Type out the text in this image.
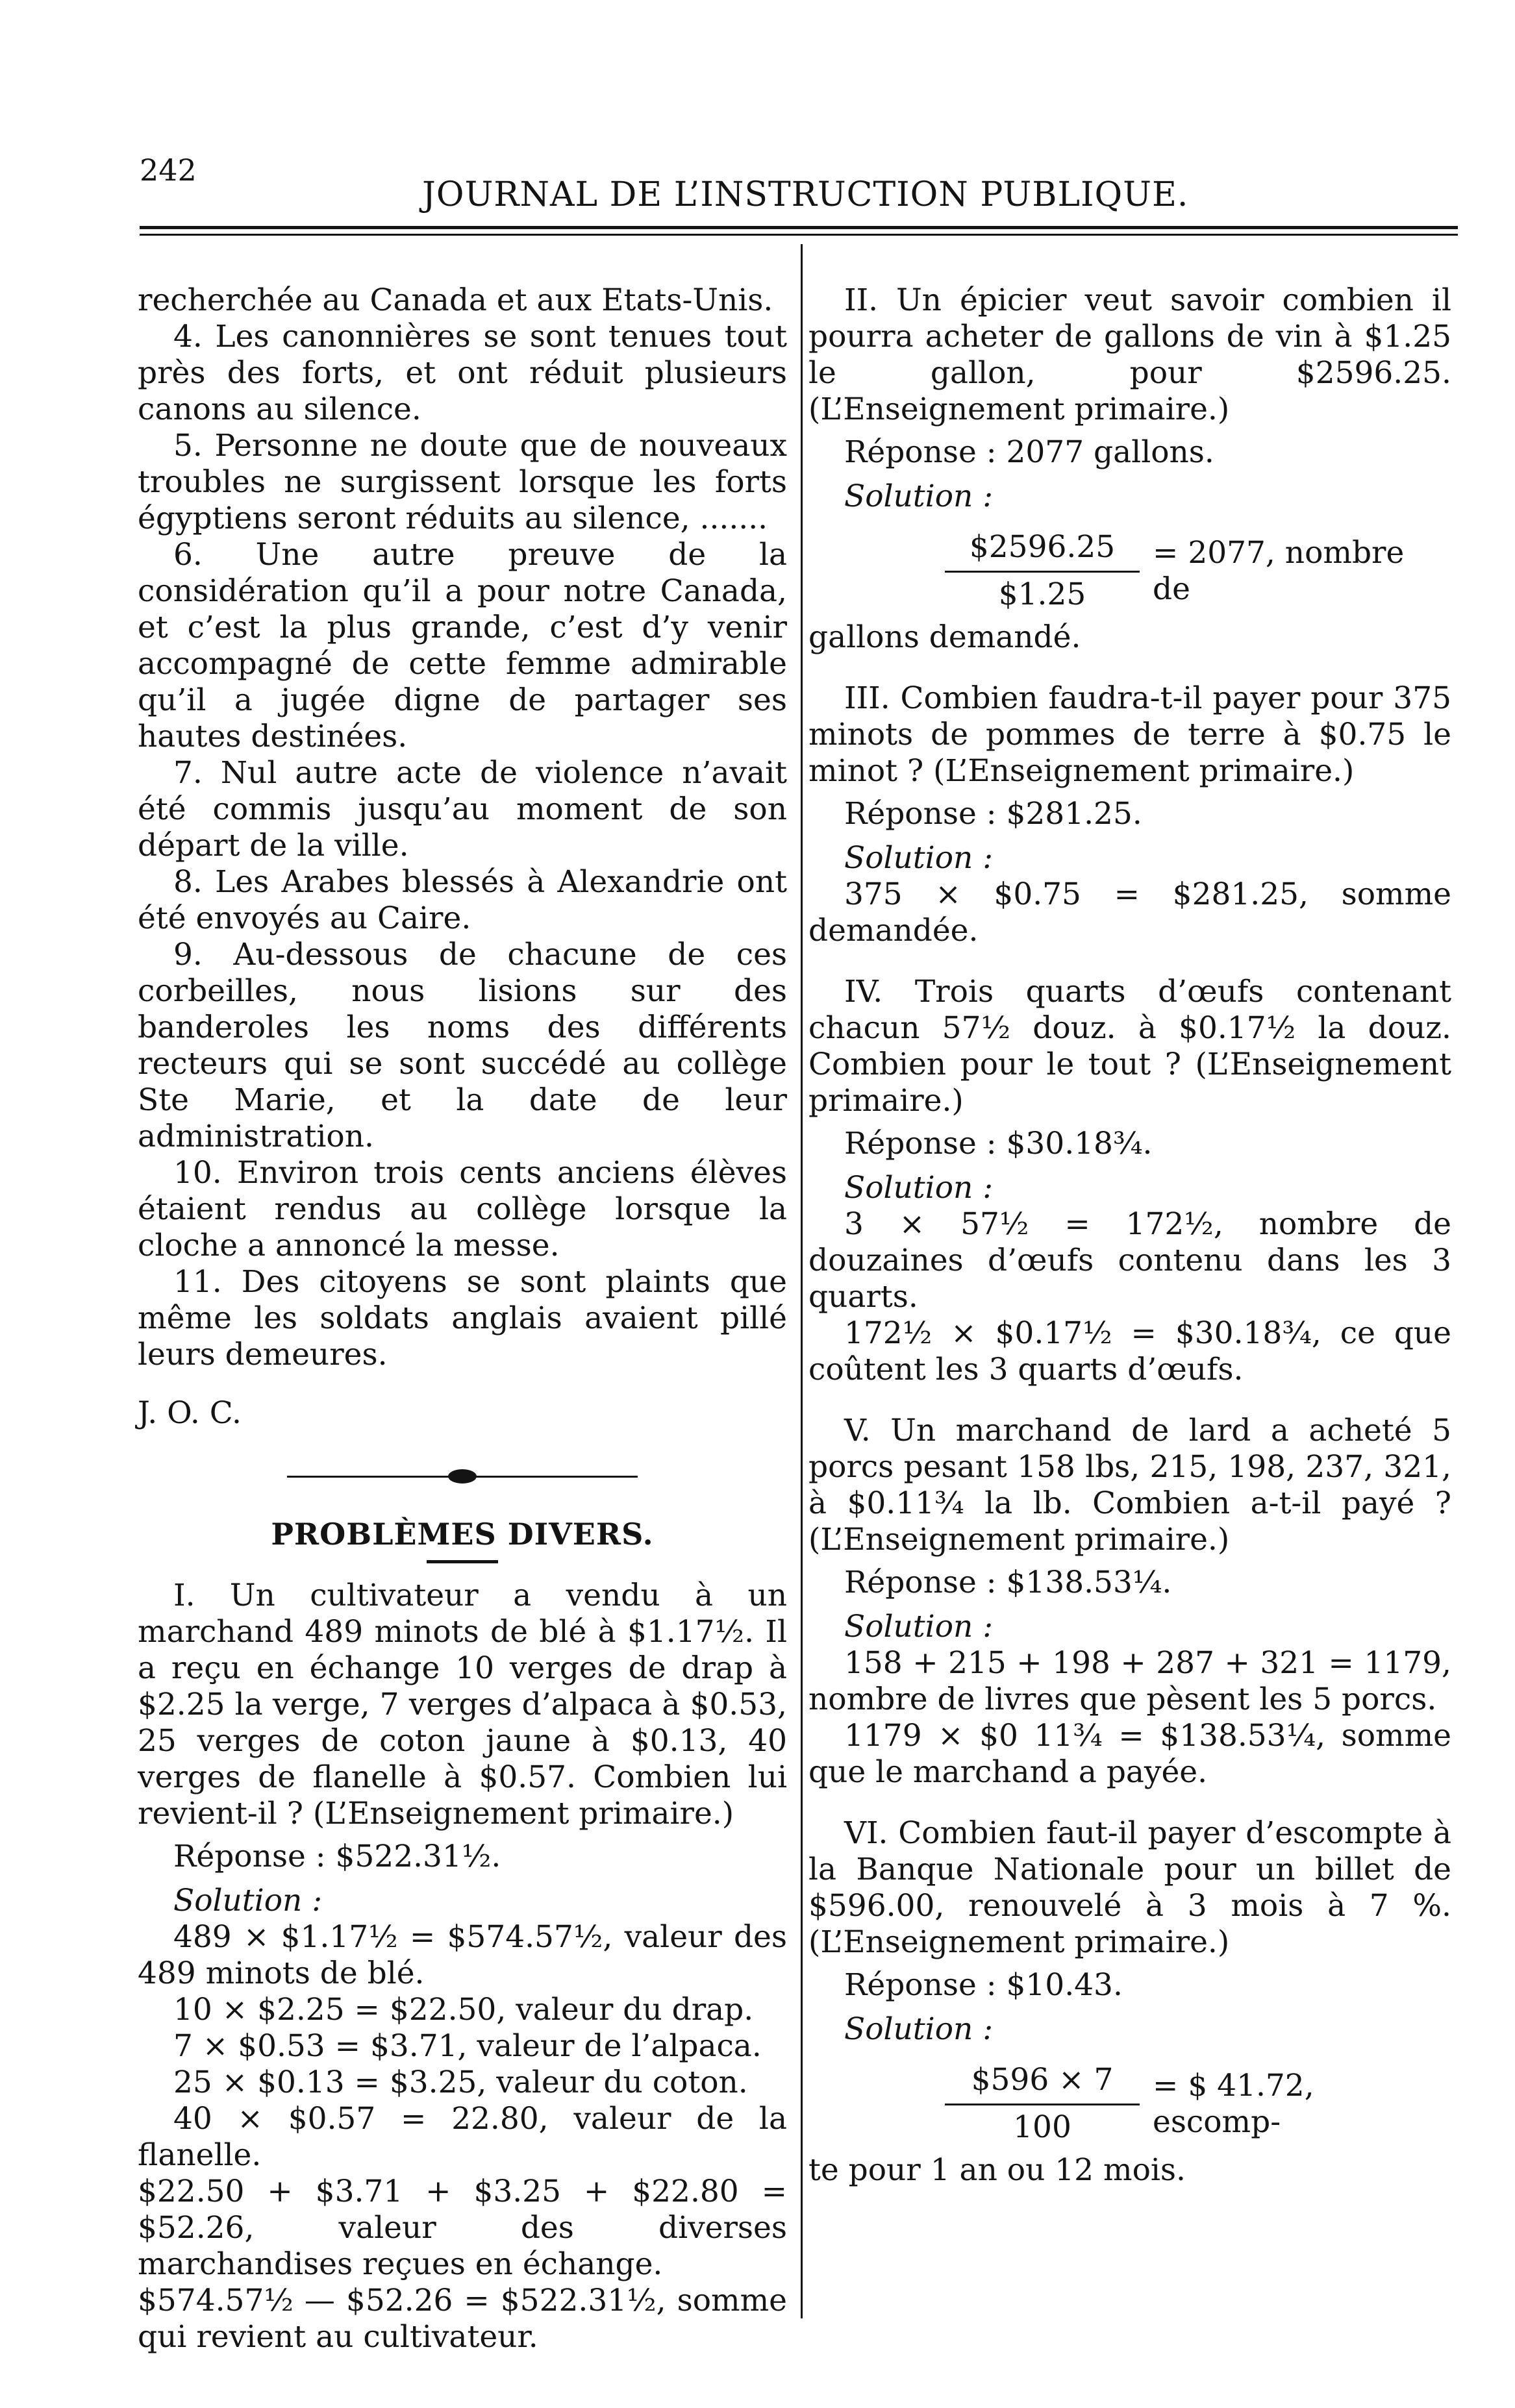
242
JOURNAL DE L’INSTRUCTION PUBLIQUE.

recherchée au Canada et aux Etats-Unis.

4. Les canonnières se sont tenues tout près des forts, et ont réduit plusieurs canons au silence.

5. Personne ne doute que de nouveaux troubles ne surgissent lorsque les forts égyptiens seront réduits au silence, .......

6. Une autre preuve de la considération qu’il a pour notre Canada, et c’est la plus grande, c’est d’y venir accompagné de cette femme admirable qu’il a jugée digne de partager ses hautes destinées.

7. Nul autre acte de violence n’avait été commis jusqu’au moment de son départ de la ville.

8. Les Arabes blessés à Alexandrie ont été envoyés au Caire.

9. Au-dessous de chacune de ces corbeilles, nous lisions sur des banderoles les noms des différents recteurs qui se sont succédé au collège Ste Marie, et la date de leur administration.

10. Environ trois cents anciens élèves étaient rendus au collège lorsque la cloche a annoncé la messe.

11. Des citoyens se sont plaints que même les soldats anglais avaient pillé leurs demeures.

J. O. C.

PROBLÈMES DIVERS.

I. Un cultivateur a vendu à un marchand 489 minots de blé à $1.17½. Il a reçu en échange 10 verges de drap à $2.25 la verge, 7 verges d’alpaca à $0.53, 25 verges de coton jaune à $0.13, 40 verges de flanelle à $0.57. Combien lui revient-il ? (L’Enseignement primaire.)

Réponse : $522.31½.

Solution :

489 × $1.17½ = $574.57½, valeur des 489 minots de blé.

10 × $2.25 = $22.50, valeur du drap.

7 × $0.53 = $3.71, valeur de l’alpaca.

25 × $0.13 = $3.25, valeur du coton.

40 × $0.57 = 22.80, valeur de la flanelle.

$22.50 + $3.71 + $3.25 + $22.80 = $52.26, valeur des diverses marchandises reçues en échange.

$574.57½ — $52.26 = $522.31½, somme qui revient au cultivateur.

II. Un épicier veut savoir combien il pourra acheter de gallons de vin à $1.25 le gallon, pour $2596.25. (L’Enseignement primaire.)

Réponse : 2077 gallons.

Solution :

$\frac{\$2596.25}{\$1.25} = 2077$, nombre de

gallons demandé.

III. Combien faudra-t-il payer pour 375 minots de pommes de terre à $0.75 le minot ? (L’Enseignement primaire.)

Réponse : $281.25.

Solution :

375 × $0.75 = $281.25, somme demandée.

IV. Trois quarts d’œufs contenant chacun 57½ douz. à $0.17½ la douz. Combien pour le tout ? (L’Enseignement primaire.)

Réponse : $30.18¾.

Solution :

3 × 57½ = 172½, nombre de douzaines d’œufs contenu dans les 3 quarts.

172½ × $0.17½ = $30.18¾, ce que coûtent les 3 quarts d’œufs.

V. Un marchand de lard a acheté 5 porcs pesant 158 lbs, 215, 198, 237, 321, à $0.11¾ la lb. Combien a-t-il payé ? (L’Enseignement primaire.)

Réponse : $138.53¼.

Solution :

158 + 215 + 198 + 287 + 321 = 1179, nombre de livres que pèsent les 5 porcs.

1179 × $0 11¾ = $138.53¼, somme que le marchand a payée.

VI. Combien faut-il payer d’escompte à la Banque Nationale pour un billet de $596.00, renouvelé à 3 mois à 7 %. (L’Enseignement primaire.)

Réponse : $10.43.

Solution :

$\frac{\$596 \times 7}{100}$ = $ 41.72, escomp-

te pour 1 an ou 12 mois.
